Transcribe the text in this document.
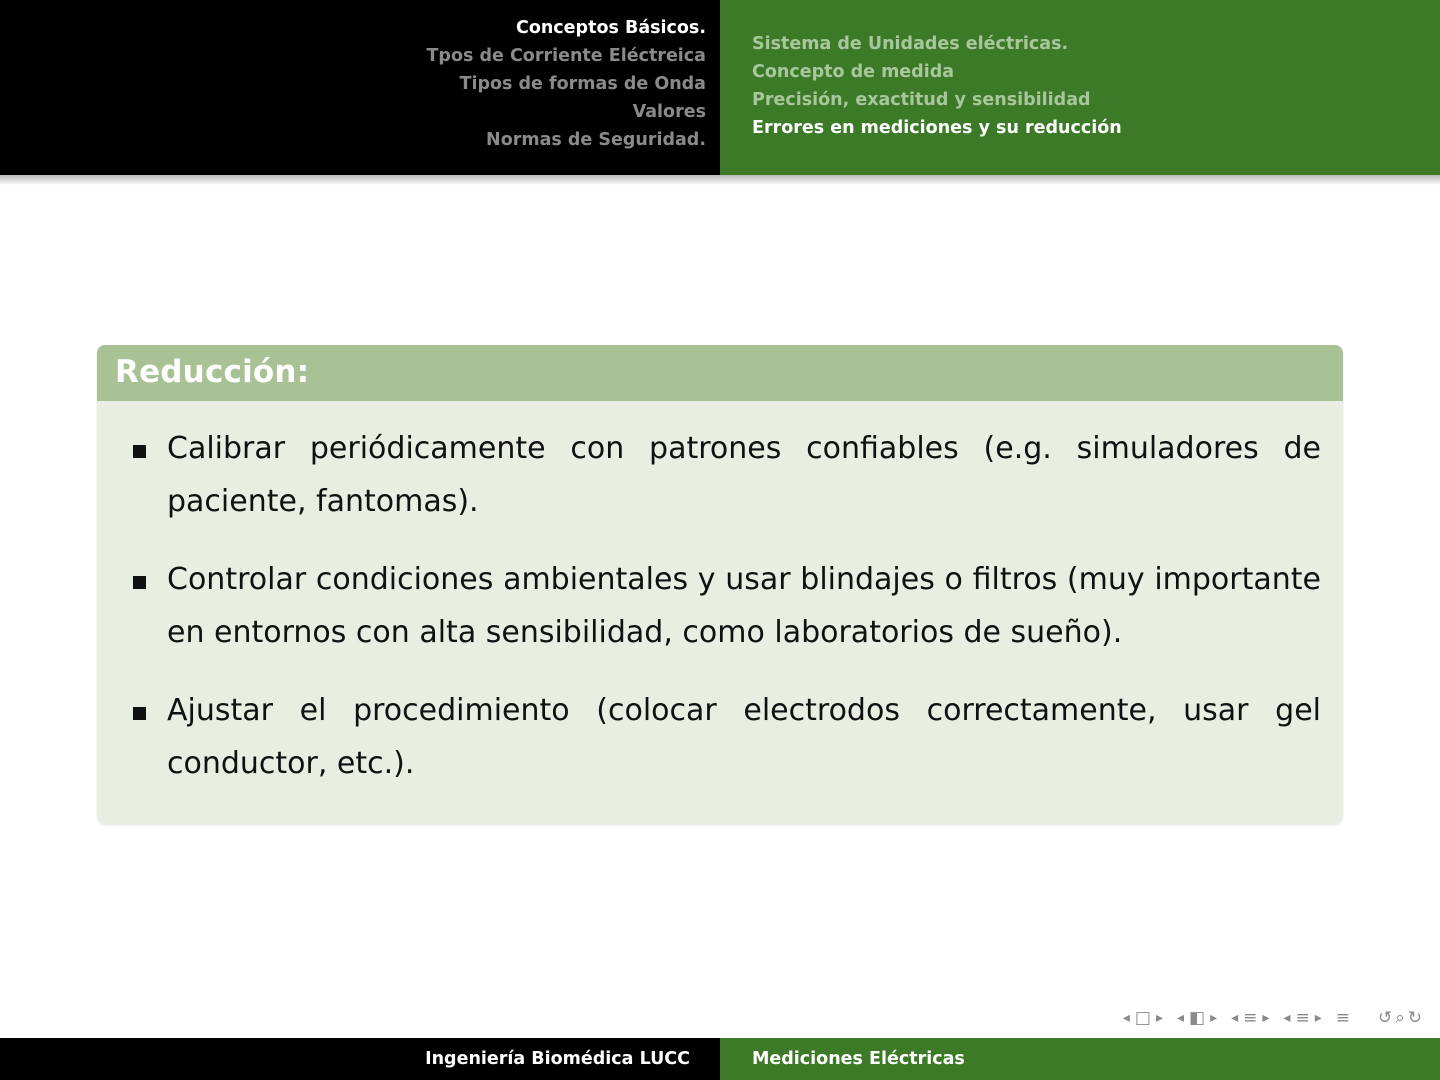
Conceptos Básicos.
Tpos de Corriente Eléctreica
Tipos de formas de Onda
Valores
Normas de Seguridad.
Sistema de Unidades eléctricas.
Concepto de medida
Precisión, exactitud y sensibilidad
Errores en mediciones y su reducción
Reducción:
Calibrar periódicamente con patrones confiables (e.g. simuladores de paciente, fantomas).
Controlar condiciones ambientales y usar blindajes o filtros (muy importante en entornos con alta sensibilidad, como laboratorios de sueño).
Ajustar el procedimiento (colocar electrodos correctamente, usar gel conductor, etc.).
◂ □ ▸ ◂ ◧ ▸ ◂ ≡ ▸ ◂ ≡ ▸ ≡ ↺ ⌕ ↻
Ingeniería Biomédica LUCC	Mediciones Eléctricas
